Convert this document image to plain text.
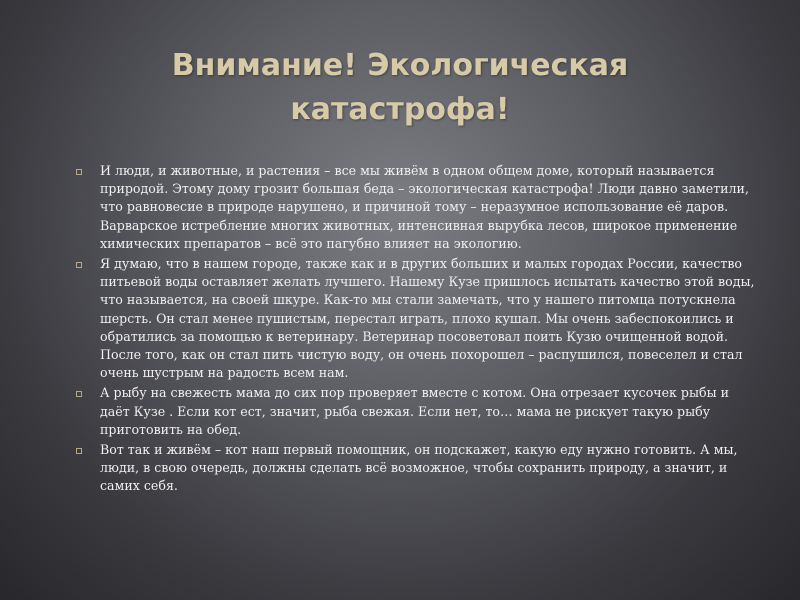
Внимание! Экологическая
катастрофа!

И люди, и животные, и растения – все мы живём в одном общем доме, который называется природой. Этому дому грозит большая беда – экологическая катастрофа! Люди давно заметили, что равновесие в природе нарушено, и причиной тому – неразумное использование её даров. Варварское истребление многих животных, интенсивная вырубка лесов, широкое применение химических препаратов – всё это пагубно влияет на экологию.

Я думаю, что в нашем городе, также как и в других больших и малых городах России, качество питьевой воды оставляет желать лучшего. Нашему Кузе пришлось испытать качество этой воды, что называется, на своей шкуре. Как-то мы стали замечать, что у нашего питомца потускнела шерсть. Он стал менее пушистым, перестал играть, плохо кушал. Мы очень забеспокоились и обратились за помощью к ветеринару. Ветеринар посоветовал поить Кузю очищенной водой. После того, как он стал пить чистую воду, он очень похорошел – распушился, повеселел и стал очень шустрым на радость всем нам.

А рыбу на свежесть мама до сих пор проверяет вместе с котом. Она отрезает кусочек рыбы и даёт Кузе . Если кот ест, значит, рыба свежая. Если нет, то… мама не рискует такую рыбу приготовить на обед.

Вот так и живём – кот наш первый помощник, он подскажет, какую еду нужно готовить. А мы, люди, в свою очередь, должны сделать всё возможное, чтобы сохранить природу, а значит, и самих себя.
